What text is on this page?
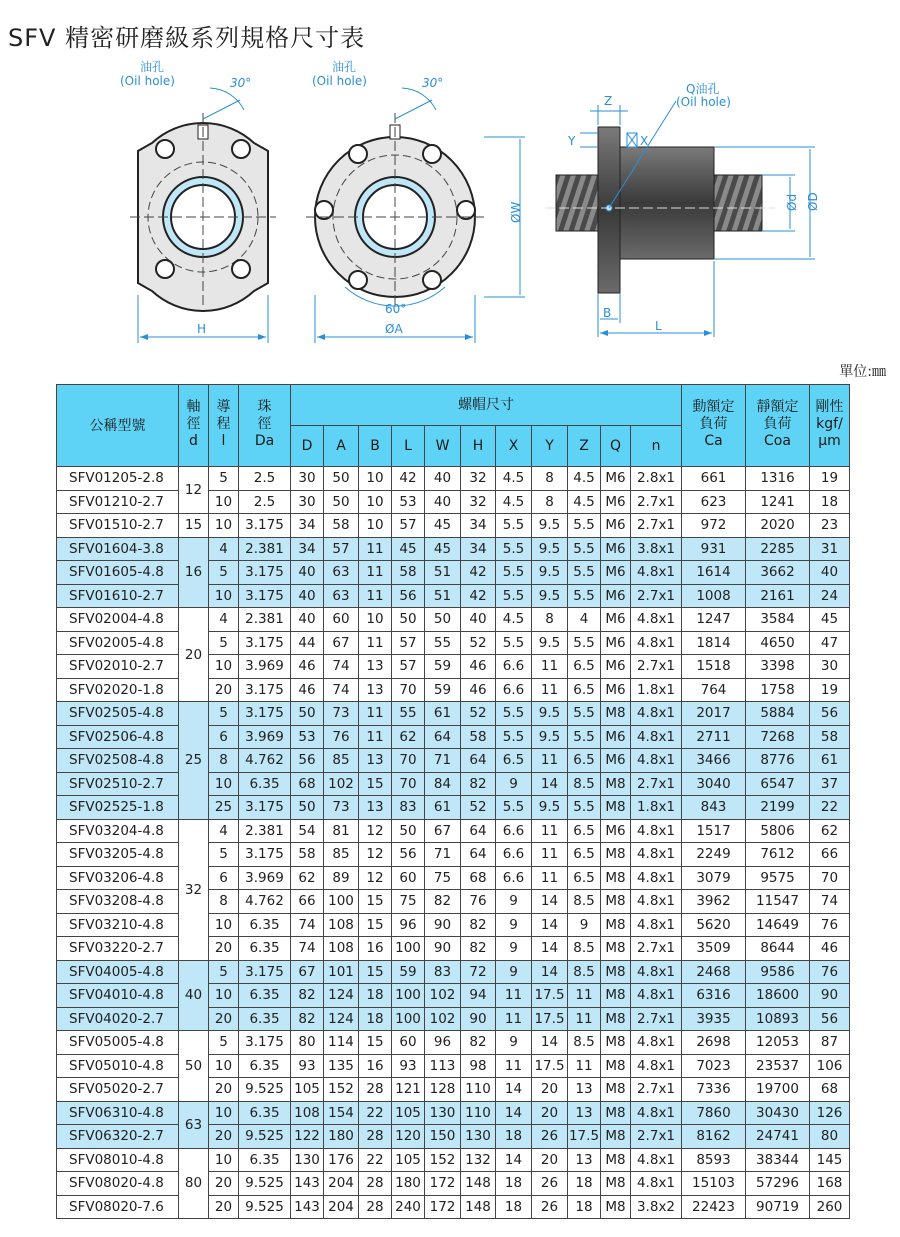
SFV 精密研磨級系列規格尺寸表
油孔
(Oil hole)	30°
H
油孔
(Oil hole)	30°
60°
ØA
ØW
Q油孔
(Oil hole)
Z
Y	X
Ød ØD
B
L
單位:㎜
公稱型號	軸
徑
d	導
程
l	珠
徑
Da	螺帽尺寸											動額定
負荷
Ca	靜額定
負荷
Coa	剛性
kgf/
μm

				D	A	B	L	W	H	X	Y	Z	Q	n			
SFV01205-2.8	12	5	2.5	30	50	10	42	40	32	4.5	8	4.5	M6	2.8x1	661	1316	19
SFV01210-2.7		10	2.5	30	50	10	53	40	32	4.5	8	4.5	M6	2.7x1	623	1241	18
SFV01510-2.7	15	10	3.175	34	58	10	57	45	34	5.5	9.5	5.5	M6	2.7x1	972	2020	23
SFV01604-3.8	16	4	2.381	34	57	11	45	45	34	5.5	9.5	5.5	M6	3.8x1	931	2285	31
SFV01605-4.8		5	3.175	40	63	11	58	51	42	5.5	9.5	5.5	M6	4.8x1	1614	3662	40
SFV01610-2.7		10	3.175	40	63	11	56	51	42	5.5	9.5	5.5	M6	2.7x1	1008	2161	24
SFV02004-4.8	20	4	2.381	40	60	10	50	50	40	4.5	8	4	M6	4.8x1	1247	3584	45
SFV02005-4.8		5	3.175	44	67	11	57	55	52	5.5	9.5	5.5	M6	4.8x1	1814	4650	47
SFV02010-2.7		10	3.969	46	74	13	57	59	46	6.6	11	6.5	M6	2.7x1	1518	3398	30
SFV02020-1.8		20	3.175	46	74	13	70	59	46	6.6	11	6.5	M6	1.8x1	764	1758	19
SFV02505-4.8	25	5	3.175	50	73	11	55	61	52	5.5	9.5	5.5	M8	4.8x1	2017	5884	56
SFV02506-4.8		6	3.969	53	76	11	62	64	58	5.5	9.5	5.5	M6	4.8x1	2711	7268	58
SFV02508-4.8		8	4.762	56	85	13	70	71	64	6.5	11	6.5	M6	4.8x1	3466	8776	61
SFV02510-2.7		10	6.35	68	102	15	70	84	82	9	14	8.5	M8	2.7x1	3040	6547	37
SFV02525-1.8		25	3.175	50	73	13	83	61	52	5.5	9.5	5.5	M8	1.8x1	843	2199	22
SFV03204-4.8	32	4	2.381	54	81	12	50	67	64	6.6	11	6.5	M6	4.8x1	1517	5806	62
SFV03205-4.8		5	3.175	58	85	12	56	71	64	6.6	11	6.5	M8	4.8x1	2249	7612	66
SFV03206-4.8		6	3.969	62	89	12	60	75	68	6.6	11	6.5	M8	4.8x1	3079	9575	70
SFV03208-4.8		8	4.762	66	100	15	75	82	76	9	14	8.5	M8	4.8x1	3962	11547	74
SFV03210-4.8		10	6.35	74	108	15	96	90	82	9	14	9	M8	4.8x1	5620	14649	76
SFV03220-2.7		20	6.35	74	108	16	100	90	82	9	14	8.5	M8	2.7x1	3509	8644	46
SFV04005-4.8	40	5	3.175	67	101	15	59	83	72	9	14	8.5	M8	4.8x1	2468	9586	76
SFV04010-4.8		10	6.35	82	124	18	100	102	94	11	17.5	11	M8	4.8x1	6316	18600	90
SFV04020-2.7		20	6.35	82	124	18	100	102	90	11	17.5	11	M8	2.7x1	3935	10893	56
SFV05005-4.8	50	5	3.175	80	114	15	60	96	82	9	14	8.5	M8	4.8x1	2698	12053	87
SFV05010-4.8		10	6.35	93	135	16	93	113	98	11	17.5	11	M8	4.8x1	7023	23537	106
SFV05020-2.7		20	9.525	105	152	28	121	128	110	14	20	13	M8	2.7x1	7336	19700	68
SFV06310-4.8	63	10	6.35	108	154	22	105	130	110	14	20	13	M8	4.8x1	7860	30430	126
SFV06320-2.7		20	9.525	122	180	28	120	150	130	18	26	17.5	M8	2.7x1	8162	24741	80
SFV08010-4.8	80	10	6.35	130	176	22	105	152	132	14	20	13	M8	4.8x1	8593	38344	145
SFV08020-4.8		20	9.525	143	204	28	180	172	148	18	26	18	M8	4.8x1	15103	57296	168
SFV08020-7.6		20	9.525	143	204	28	240	172	148	18	26	18	M8	3.8x2	22423	90719	260
